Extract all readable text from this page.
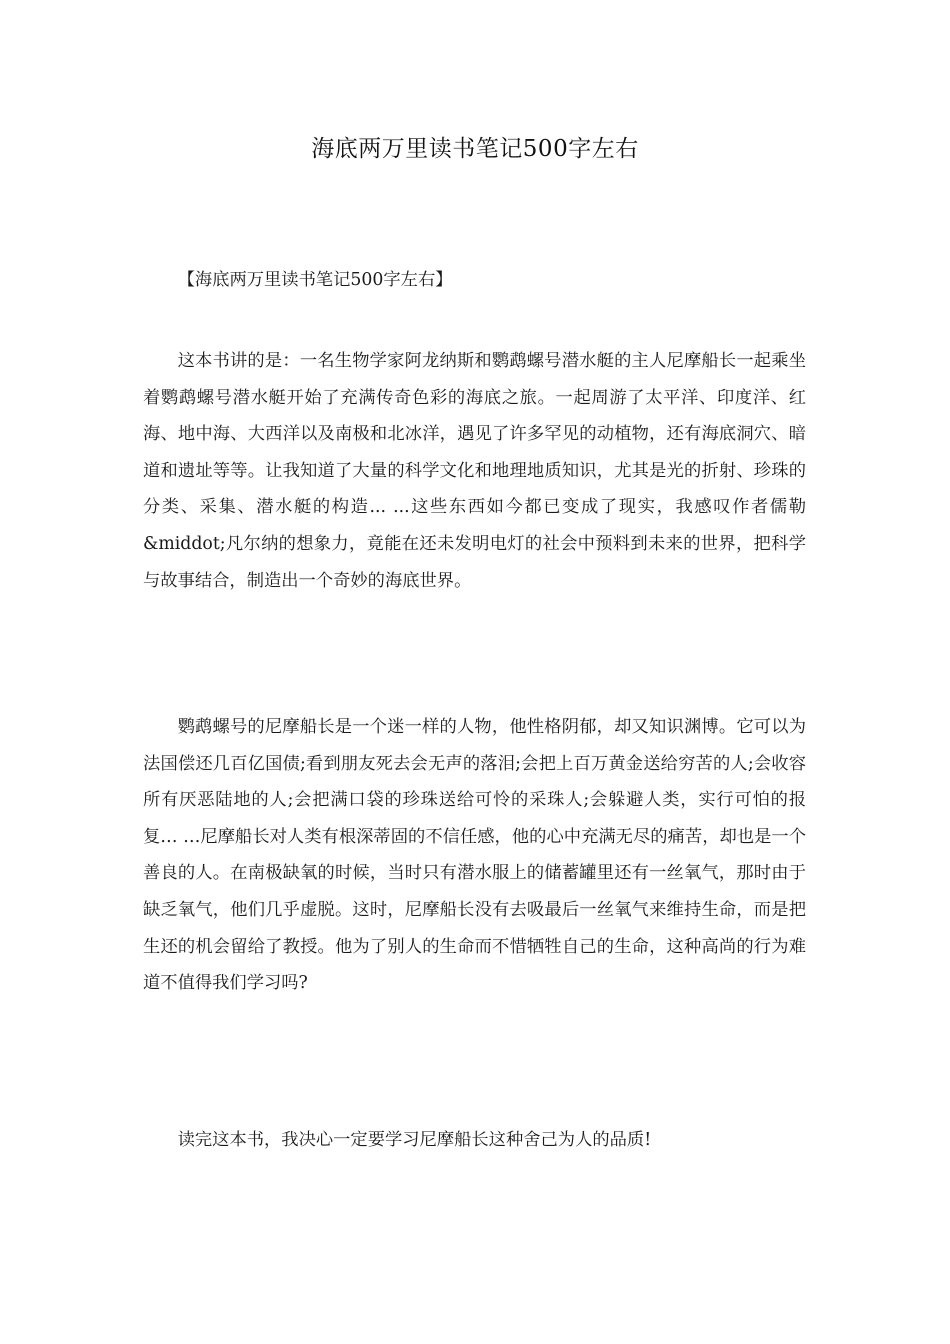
海底两万里读书笔记500字左右

【海底两万里读书笔记500字左右】

这本书讲的是：一名生物学家阿龙纳斯和鹦鹉螺号潜水艇的主人尼摩船长一起乘坐着鹦鹉螺号潜水艇开始了充满传奇色彩的海底之旅。一起周游了太平洋、印度洋、红海、地中海、大西洋以及南极和北冰洋，遇见了许多罕见的动植物，还有海底洞穴、暗道和遗址等等。让我知道了大量的科学文化和地理地质知识，尤其是光的折射、珍珠的分类、采集、潜水艇的构造... ...这些东西如今都已变成了现实，我感叹作者儒勒&middot;凡尔纳的想象力，竟能在还未发明电灯的社会中预料到未来的世界，把科学与故事结合，制造出一个奇妙的海底世界。

鹦鹉螺号的尼摩船长是一个迷一样的人物，他性格阴郁，却又知识渊博。它可以为法国偿还几百亿国债;看到朋友死去会无声的落泪;会把上百万黄金送给穷苦的人;会收容所有厌恶陆地的人;会把满口袋的珍珠送给可怜的采珠人;会躲避人类，实行可怕的报复… …尼摩船长对人类有根深蒂固的不信任感，他的心中充满无尽的痛苦，却也是一个善良的人。在南极缺氧的时候，当时只有潜水服上的储蓄罐里还有一丝氧气，那时由于缺乏氧气，他们几乎虚脱。这时，尼摩船长没有去吸最后一丝氧气来维持生命，而是把生还的机会留给了教授。他为了别人的生命而不惜牺牲自己的生命，这种高尚的行为难道不值得我们学习吗?

读完这本书，我决心一定要学习尼摩船长这种舍己为人的品质!
